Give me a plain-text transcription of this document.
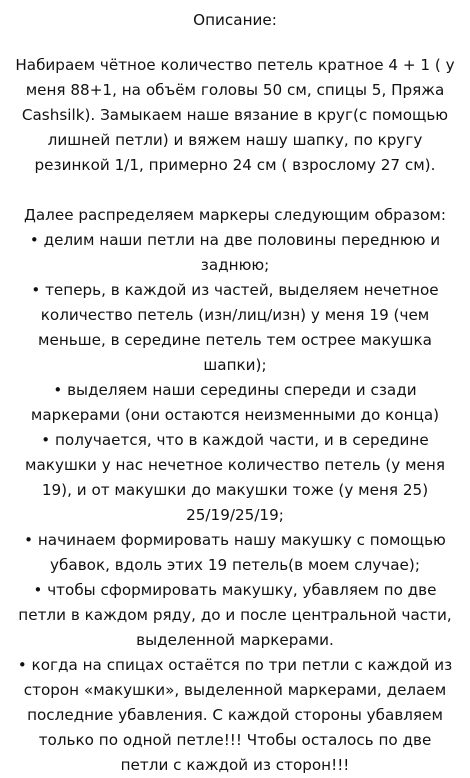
Описание:

Набираем чётное количество петель кратное 4 + 1 ( у меня 88+1, на объём головы 50 см, спицы 5, Пряжа Cashsilk). Замыкаем наше вязание в круг(с помощью лишней петли) и вяжем нашу шапку, по кругу резинкой 1/1, примерно 24 см ( взрослому 27 см).

Далее распределяем маркеры следующим образом:

• делим наши петли на две половины переднюю и заднюю;
• теперь, в каждой из частей, выделяем нечетное количество петель (изн/лиц/изн) у меня 19 (чем меньше, в середине петель тем острее макушка шапки);
• выделяем наши середины спереди и сзади маркерами (они остаются неизменными до конца)
• получается, что в каждой части, и в середине макушки у нас нечетное количество петель (у меня 19), и от макушки до макушки тоже (у меня 25) 25/19/25/19;
• начинаем формировать нашу макушку с помощью убавок, вдоль этих 19 петель(в моем случае);
• чтобы сформировать макушку, убавляем по две петли в каждом ряду, до и после центральной части, выделенной маркерами.
• когда на спицах остаётся по три петли с каждой из сторон «макушки», выделенной маркерами, делаем последние убавления. С каждой стороны убавляем только по одной петле!!! Чтобы осталось по две петли с каждой из сторон!!!
